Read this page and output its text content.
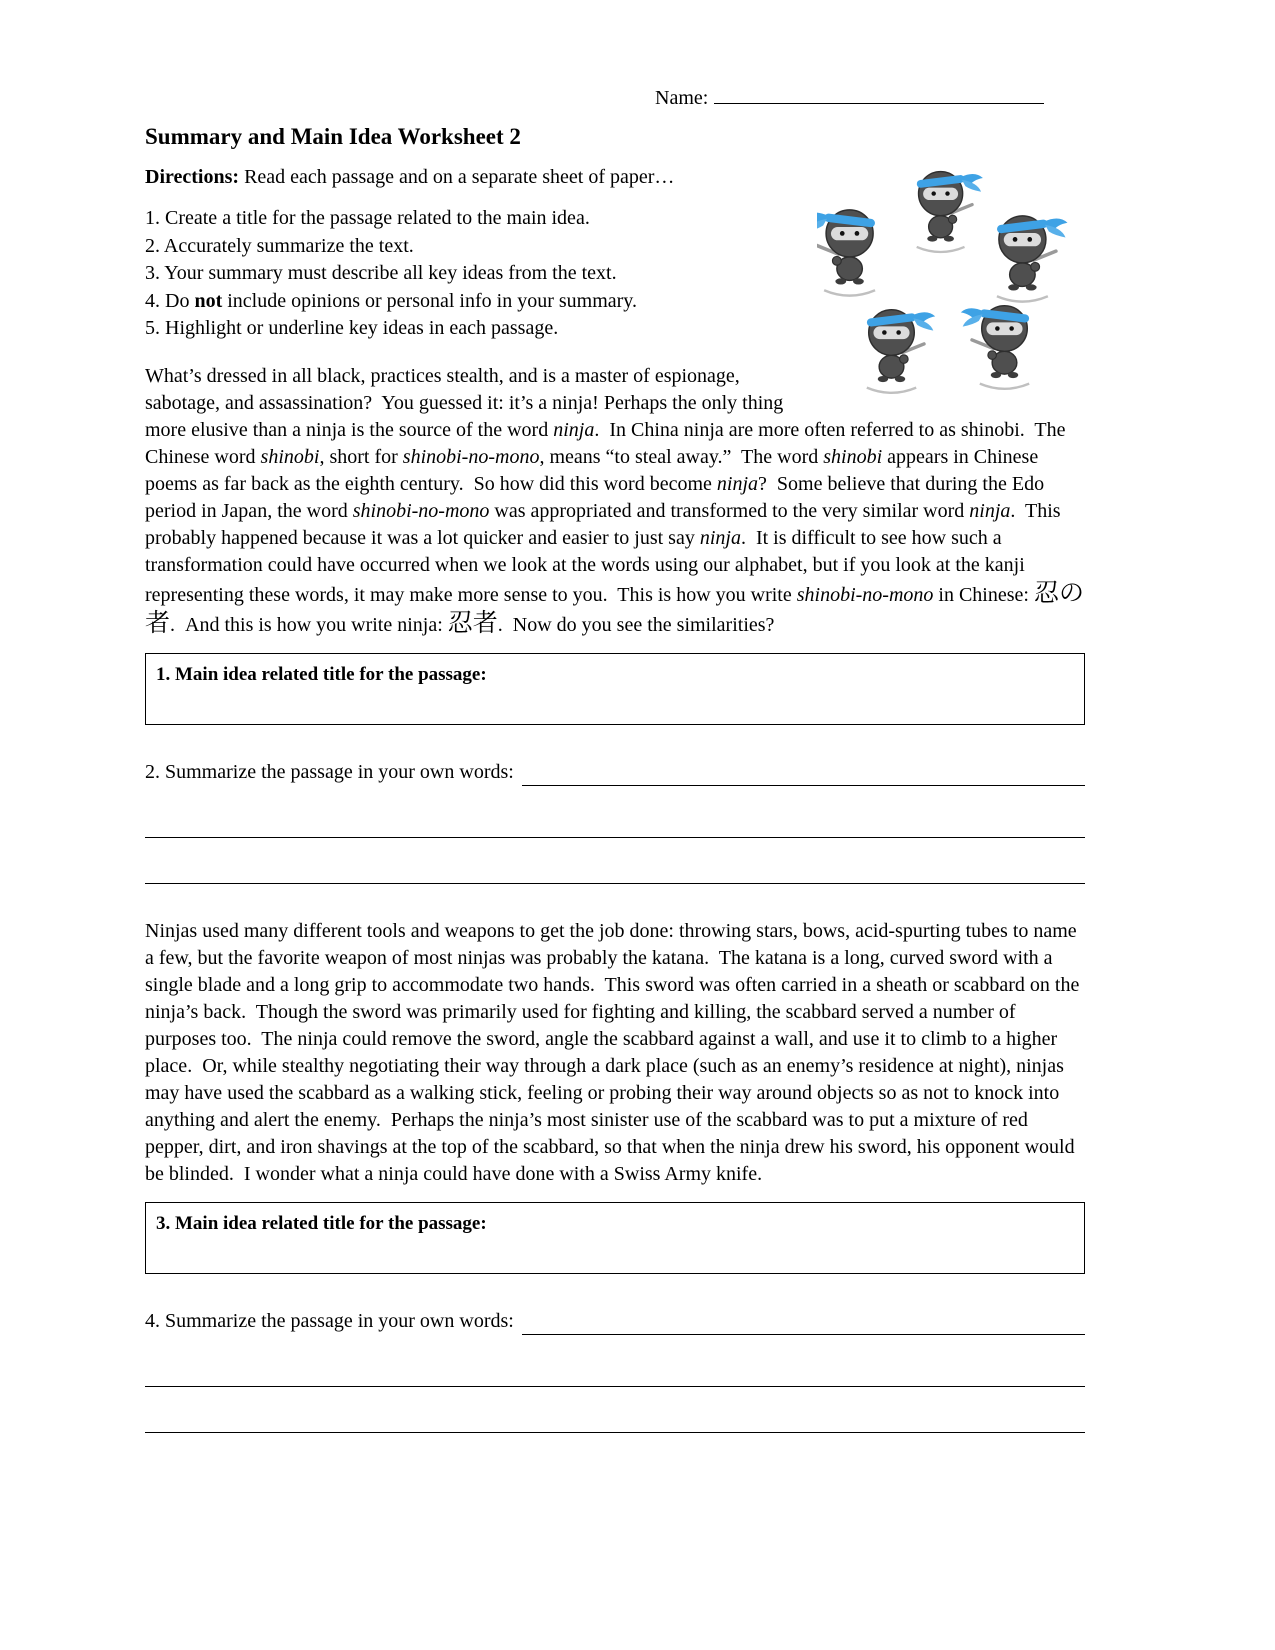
Name:
Summary and Main Idea Worksheet 2

Directions: Read each passage and on a separate sheet of paper…

1. Create a title for the passage related to the main idea.
2. Accurately summarize the text.
3. Your summary must describe all key ideas from the text.
4. Do not include opinions or personal info in your summary.
5. Highlight or underline key ideas in each passage.

What’s dressed in all black, practices stealth, and is a master of espionage, sabotage, and assassination?  You guessed it: it’s a ninja! Perhaps the only thing more elusive than a ninja is the source of the word ninja.  In China ninja are more often referred to as shinobi.  The Chinese word shinobi, short for shinobi-no-mono, means “to steal away.”  The word shinobi appears in Chinese poems as far back as the eighth century.  So how did this word become ninja?  Some believe that during the Edo period in Japan, the word shinobi-no-mono was appropriated and transformed to the very similar word ninja.  This probably happened because it was a lot quicker and easier to just say ninja.  It is difficult to see how such a transformation could have occurred when we look at the words using our alphabet, but if you look at the kanji representing these words, it may make more sense to you.  This is how you write shinobi-no-mono in Chinese: 忍の者.  And this is how you write ninja: 忍者.  Now do you see the similarities?

1. Main idea related title for the passage:
2. Summarize the passage in your own words:

Ninjas used many different tools and weapons to get the job done: throwing stars, bows, acid-spurting tubes to name a few, but the favorite weapon of most ninjas was probably the katana.  The katana is a long, curved sword with a single blade and a long grip to accommodate two hands.  This sword was often carried in a sheath or scabbard on the ninja’s back.  Though the sword was primarily used for fighting and killing, the scabbard served a number of purposes too.  The ninja could remove the sword, angle the scabbard against a wall, and use it to climb to a higher place.  Or, while stealthy negotiating their way through a dark place (such as an enemy’s residence at night), ninjas may have used the scabbard as a walking stick, feeling or probing their way around objects so as not to knock into anything and alert the enemy.  Perhaps the ninja’s most sinister use of the scabbard was to put a mixture of red pepper, dirt, and iron shavings at the top of the scabbard, so that when the ninja drew his sword, his opponent would be blinded.  I wonder what a ninja could have done with a Swiss Army knife.

3. Main idea related title for the passage:
4. Summarize the passage in your own words:
